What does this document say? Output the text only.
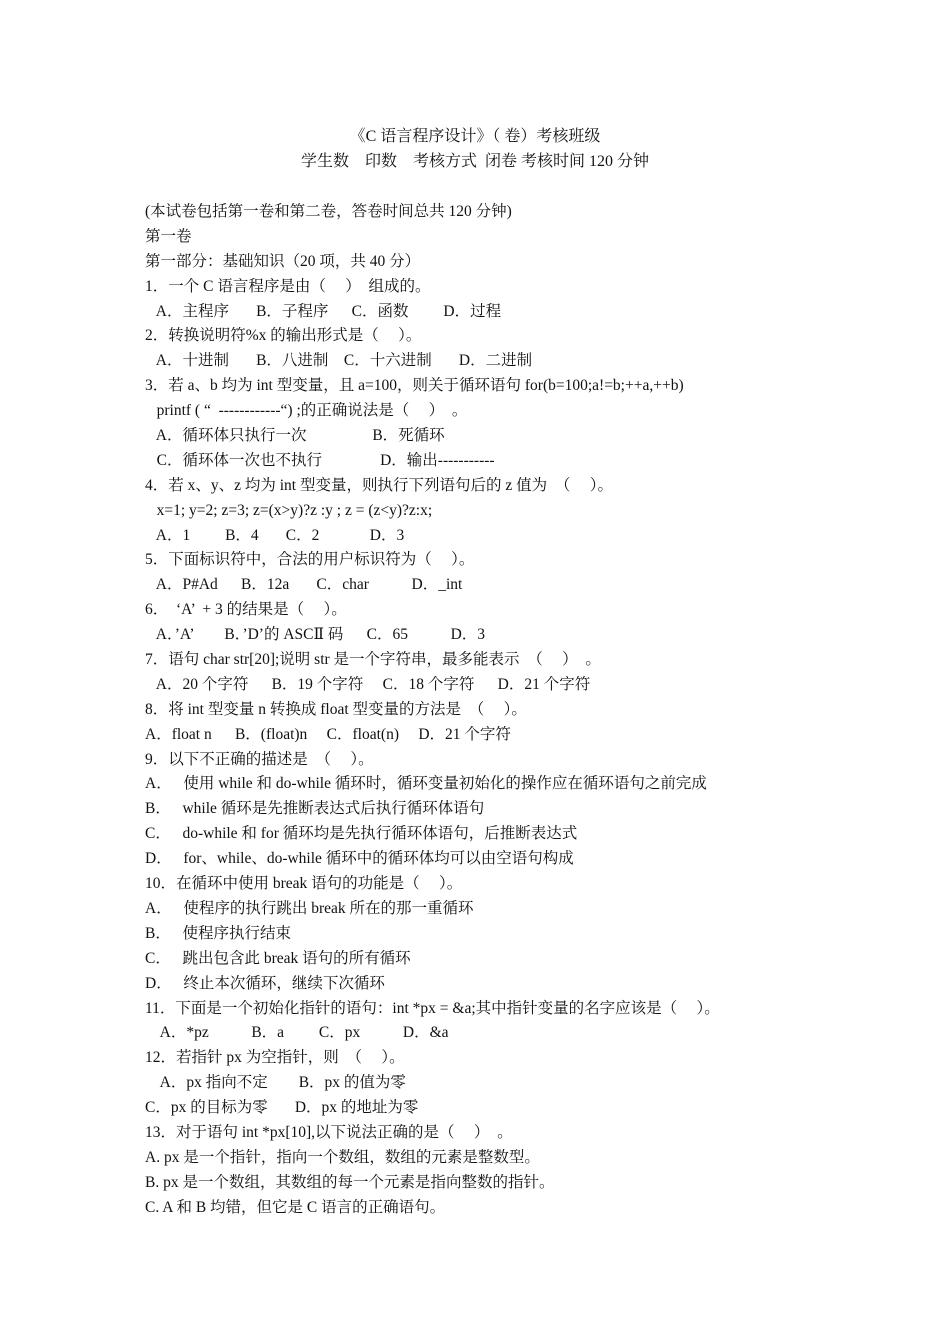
《C 语言程序设计》（ 卷）考核班级
学生数    印数    考核方式  闭卷 考核时间 120 分钟
(本试卷包括第一卷和第二卷，答卷时间总共 120 分钟)
第一卷
第一部分：基础知识（20 项，共 40 分）
1．一个 C 语言程序是由（     ）  组成的。
A．主程序       B．子程序      C．函数         D．过程
2．转换说明符%x 的输出形式是（     ）。
A．十进制       B．八进制    C．十六进制       D．二进制
3．若 a、b 均为 int 型变量，且 a=100，则关于循环语句 for(b=100;a!=b;++a,++b)
printf ( “  ------------“) ;的正确说法是（     ）  。
A．循环体只执行一次                 B．死循环
C．循环体一次也不执行               D．输出-----------
4．若 x、y、z 均为 int 型变量，则执行下列语句后的 z 值为  （     ）。
x=1; y=2; z=3; z=(x>y)?z :y ; z = (z<y)?z:x;
A．1         B．4       C．2             D．3
5．下面标识符中，合法的用户标识符为（     ）。
A．P#Ad      B．12a       C．char           D．_int
6．  ‘A’  + 3 的结果是（     ）。
A．’A’        B．’D’的 ASCⅡ 码      C．65           D．3
7．语句 char str[20];说明 str 是一个字符串，最多能表示  （     ）  。
A．20 个字符      B．19 个字符     C．18 个字符      D．21 个字符
8．将 int 型变量 n 转换成 float 型变量的方法是  （     ）。
A．float n      B．(float)n     C．float(n)     D．21 个字符
9．以下不正确的描述是  （     ）。
A．   使用 while 和 do-while 循环时，循环变量初始化的操作应在循环语句之前完成
B．   while 循环是先推断表达式后执行循环体语句
C．   do-while 和 for 循环均是先执行循环体语句，后推断表达式
D．   for、while、do-while 循环中的循环体均可以由空语句构成
10．在循环中使用 break 语句的功能是（     ）。
A．   使程序的执行跳出 break 所在的那一重循环
B．   使程序执行结束
C．   跳出包含此 break 语句的所有循环
D．   终止本次循环，继续下次循环
11．下面是一个初始化指针的语句：int *px = &a;其中指针变量的名字应该是（     ）。
A．*pz           B．a         C．px           D．&a
12．若指针 px 为空指针，则  （     ）。
A．px 指向不定        B．px 的值为零
C．px 的目标为零       D．px 的地址为零
13．对于语句 int *px[10],以下说法正确的是（     ）  。
A. px 是一个指针，指向一个数组，数组的元素是整数型。
B. px 是一个数组，其数组的每一个元素是指向整数的指针。
C. A 和 B 均错，但它是 C 语言的正确语句。
